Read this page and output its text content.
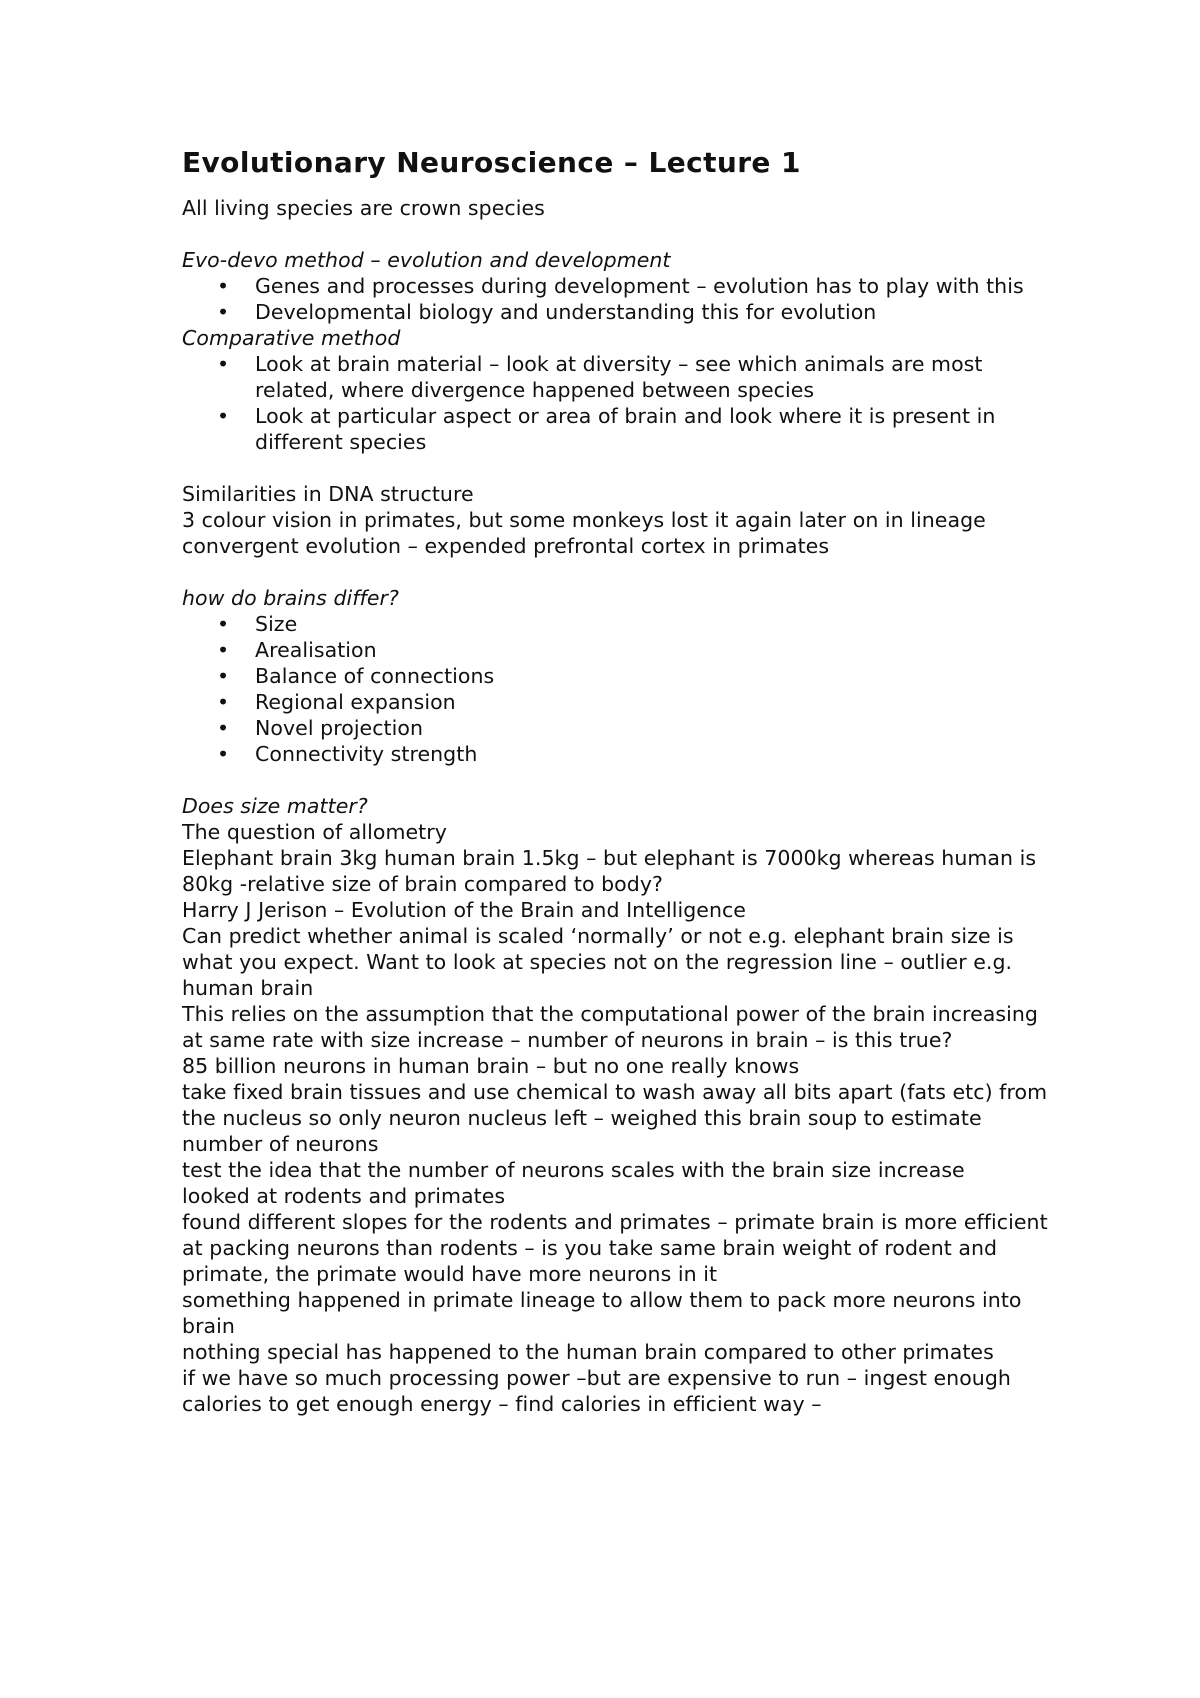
Evolutionary Neuroscience – Lecture 1

All living species are crown species

Evo-devo method – evolution and development

• Genes and processes during development – evolution has to play with this
• Developmental biology and understanding this for evolution

Comparative method

• Look at brain material – look at diversity – see which animals are most related, where divergence happened between species
• Look at particular aspect or area of brain and look where it is present in different species

Similarities in DNA structure

3 colour vision in primates, but some monkeys lost it again later on in lineage

convergent evolution – expended prefrontal cortex in primates

how do brains differ?

• Size
• Arealisation
• Balance of connections
• Regional expansion
• Novel projection
• Connectivity strength

Does size matter?

The question of allometry

Elephant brain 3kg human brain 1.5kg – but elephant is 7000kg whereas human is 80kg -relative size of brain compared to body?

Harry J Jerison – Evolution of the Brain and Intelligence

Can predict whether animal is scaled ‘normally’ or not e.g. elephant brain size is what you expect. Want to look at species not on the regression line – outlier e.g. human brain

This relies on the assumption that the computational power of the brain increasing at same rate with size increase – number of neurons in brain – is this true?

85 billion neurons in human brain – but no one really knows

take fixed brain tissues and use chemical to wash away all bits apart (fats etc) from the nucleus so only neuron nucleus left – weighed this brain soup to estimate number of neurons

test the idea that the number of neurons scales with the brain size increase

looked at rodents and primates

found different slopes for the rodents and primates – primate brain is more efficient at packing neurons than rodents – is you take same brain weight of rodent and primate, the primate would have more neurons in it

something happened in primate lineage to allow them to pack more neurons into brain

nothing special has happened to the human brain compared to other primates

if we have so much processing power –but are expensive to run – ingest enough calories to get enough energy – find calories in efficient way –
